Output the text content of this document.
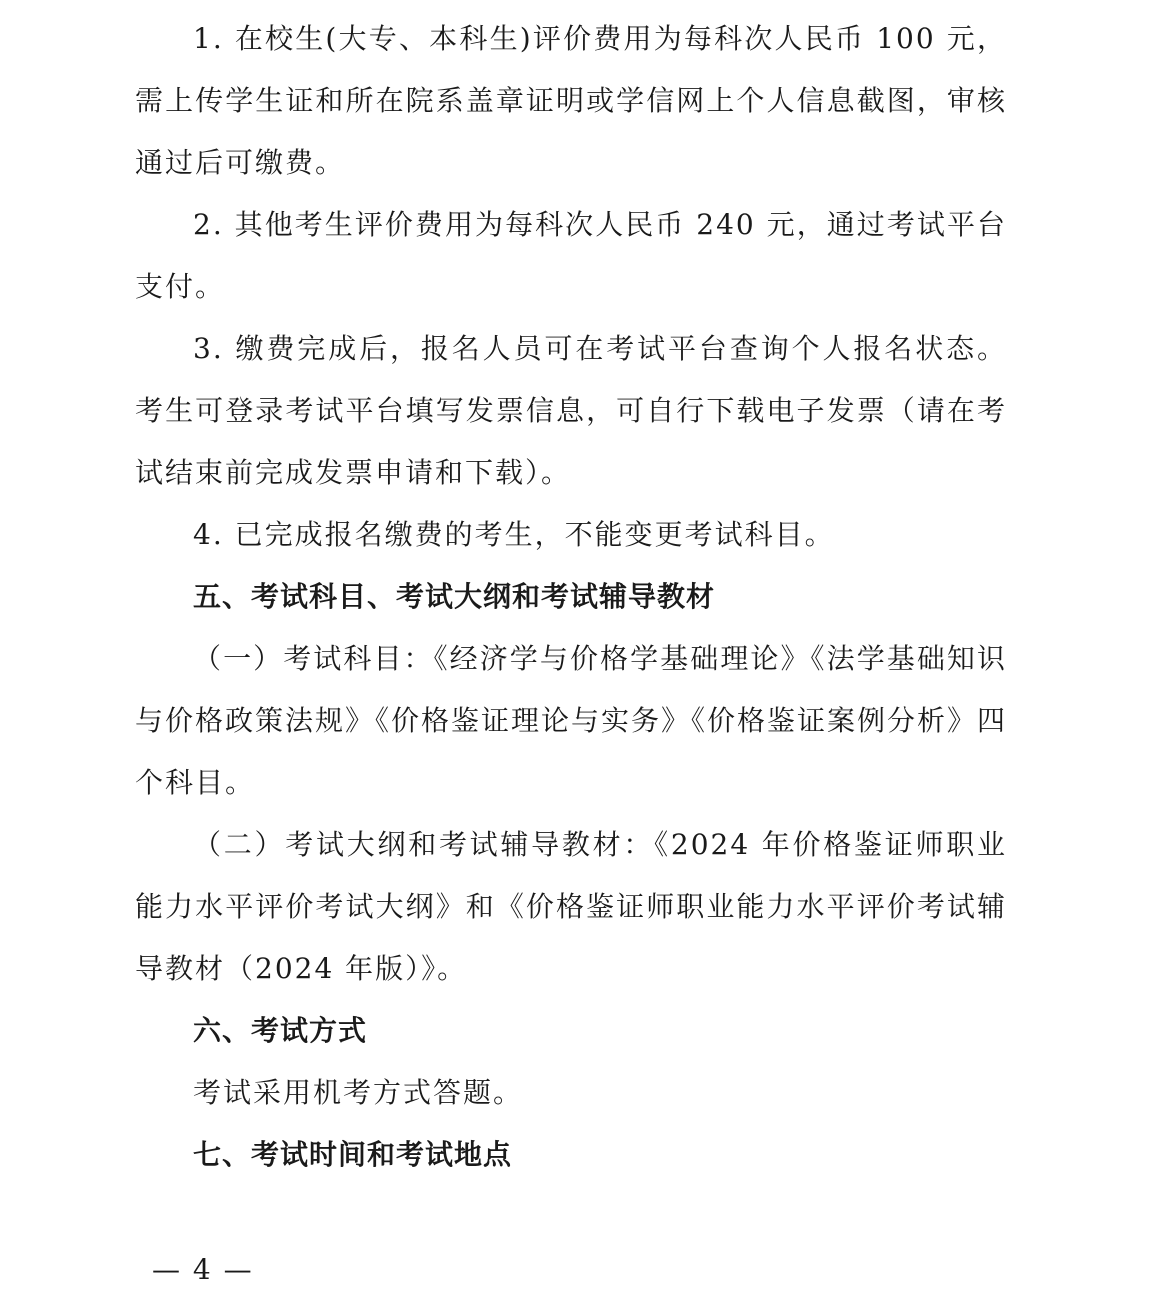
1. 在校生(大专、本科生)评价费用为每科次人民币 100 元，需上传学生证和所在院系盖章证明或学信网上个人信息截图，审核通过后可缴费。

2. 其他考生评价费用为每科次人民币 240 元，通过考试平台支付。

3. 缴费完成后，报名人员可在考试平台查询个人报名状态。考生可登录考试平台填写发票信息，可自行下载电子发票（请在考试结束前完成发票申请和下载）。

4. 已完成报名缴费的考生，不能变更考试科目。

五、考试科目、考试大纲和考试辅导教材

（一）考试科目：《经济学与价格学基础理论》《法学基础知识与价格政策法规》《价格鉴证理论与实务》《价格鉴证案例分析》四个科目。

（二）考试大纲和考试辅导教材：《2024 年价格鉴证师职业能力水平评价考试大纲》和《价格鉴证师职业能力水平评价考试辅导教材（2024 年版）》。

六、考试方式

考试采用机考方式答题。

七、考试时间和考试地点

— 4 —
